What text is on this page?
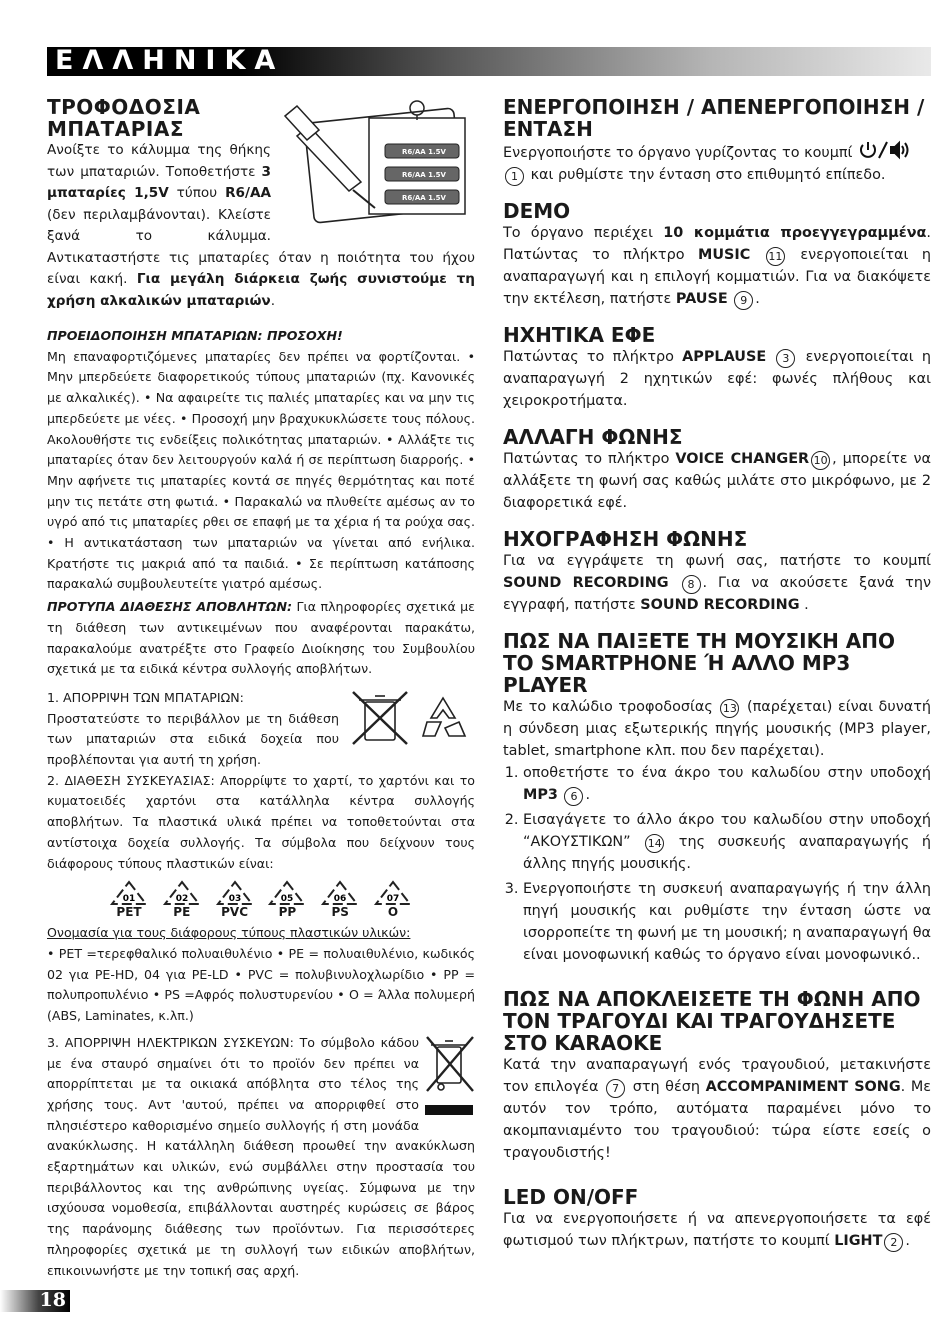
ΕΛΛΗΝΙΚΑ
R6/AA 1.5V
R6/AA 1.5V
R6/AA 1.5V
ΤΡΟΦΟΔΟΣΙΑ ΜΠΑΤΑΡΙΑΣ

Ανοίξτε το κάλυμμα της θήκης των μπαταριών. Τοποθετήστε 3 μπαταρίες 1,5V τύπου R6/AA (δεν περιλαμβάνονται). Κλείστε ξανά το κάλυμμα. Αντικαταστήστε τις μπαταρίες όταν η ποιότητα του ήχου είναι κακή. Για μεγάλη διάρκεια ζωής συνιστούμε τη χρήση αλκαλικών μπαταριών.

ΠΡΟΕΙΔΟΠΟΙΗΣΗ ΜΠΑΤΑΡΙΩΝ: ΠΡΟΣΟΧΗ!

Μη επαναφορτιζόμενες μπαταρίες δεν πρέπει να φορτίζονται. • Μην μπερδεύετε διαφορετικούς τύπους μπαταριών (πχ. Κανονικές με αλκαλικές). • Να αφαιρείτε τις παλιές μπαταρίες και να μην τις μπερδεύετε με νέες. • Προσοχή μην βραχυκυκλώσετε τους πόλους. Ακολουθήστε τις ενδείξεις πολικότητας μπαταριών. • Αλλάξτε τις μπαταρίες όταν δεν λειτουργούν καλά ή σε περίπτωση διαρροής. • Μην αφήνετε τις μπαταρίες κοντά σε πηγές θερμότητας και ποτέ μην τις πετάτε στη φωτιά. • Παρακαλώ να πλυθείτε αμέσως αν το υγρό από τις μπαταρίες ρθει σε επαφή με τα χέρια ή τα ρούχα σας. • Η αντικατάσταση των μπαταριών να γίνεται από ενήλικα. Κρατήστε τις μακριά από τα παιδιά. • Σε περίπτωση κατάποσης παρακαλώ συμβουλευτείτε γιατρό αμέσως.

ΠΡΟΤΥΠΑ ΔΙΑΘΕΣΗΣ ΑΠΟΒΛΗΤΩΝ: Για πληροφορίες σχετικά με τη διάθεση των αντικειμένων που αναφέρονται παρακάτω, παρακαλούμε ανατρέξτε στο Γραφείο Διοίκησης του Συμβουλίου σχετικά με τα ειδικά κέντρα συλλογής αποβλήτων.

1. ΑΠΟΡΡΙΨΗ ΤΩΝ ΜΠΑΤΑΡΙΩΝ:

Προστατεύστε το περιβάλλον με τη διάθεση των μπαταριών στα ειδικά δοχεία που προβλέπονται για αυτή τη χρήση.

2. ΔΙΑΘΕΣΗ ΣΥΣΚΕΥΑΣΙΑΣ: Απορρίψτε το χαρτί, το χαρτόνι και το κυματοειδές χαρτόνι στα κατάλληλα κέντρα συλλογής αποβλήτων. Τα πλαστικά υλικά πρέπει να τοποθετούνται στα αντίστοιχα δοχεία συλλογής. Τα σύμβολα που δείχνουν τους διάφορους τύπους πλαστικών είναι:

01
PET
02
PE
03
PVC
05
PP
06
PS
07
O
Ονομασία για τους διάφορους τύπους πλαστικών υλικών:

• PET =τερεφθαλικό πολυαιθυλένιο • PE = πολυαιθυλένιο, κωδικός 02 για PE-HD, 04 για PE-LD • PVC = πολυβινυλοχλωρίδιο • PP = πολυπροπυλένιο • PS =Αφρός πολυστυρενίου • O = Άλλα πολυμερή (ABS, Laminates, κ.λπ.)

3. ΑΠΟΡΡΙΨΗ ΗΛΕΚΤΡΙΚΩΝ ΣΥΣΚΕΥΩΝ: Το σύμβολο κάδου με ένα σταυρό σημαίνει ότι το προϊόν δεν πρέπει να απορρίπτεται με τα οικιακά απόβλητα στο τέλος της χρήσης τους. Αντ 'αυτού, πρέπει να απορριφθεί στο πλησιέστερο καθορισμένο σημείο συλλογής ή στη μονάδα ανακύκλωσης. Η κατάλληλη διάθεση προωθεί την ανακύκλωση εξαρτημάτων και υλικών, ενώ συμβάλλει στην προστασία του περιβάλλοντος και της ανθρώπινης υγείας. Σύμφωνα με την ισχύουσα νομοθεσία, επιβάλλονται αυστηρές κυρώσεις σε βάρος της παράνομης διάθεσης των προϊόντων. Για περισσότερες πληροφορίες σχετικά με τη συλλογή των ειδικών αποβλήτων, επικοινωνήστε με την τοπική σας αρχή.

ΕΝΕΡΓΟΠΟΙΗΣΗ / ΑΠΕΝΕΡΓΟΠΟΙΗΣΗ / ΕΝΤΑΣΗ

Ενεργοποιήστε το όργανο γυρίζοντας το κουμπί
1 και ρυθμίστε την ένταση στο επιθυμητό επίπεδο.

DEMO

Το όργανο περιέχει 10 κομμάτια προεγγεγραμμένα. Πατώντας το πλήκτρο MUSIC 11 ενεργοποιείται η αναπαραγωγή και η επιλογή κομματιών. Για να διακόψετε την εκτέλεση, πατήστε PAUSE 9 .

ΗΧΗΤΙΚΑ ΕΦΕ

Πατώντας το πλήκτρο APPLAUSE 3 ενεργοποιείται η αναπαραγωγή 2 ηχητικών εφέ: φωνές πλήθους και χειροκροτήματα.

ΑΛΛΑΓΗ ΦΩΝΗΣ

Πατώντας το πλήκτρο VOICE CHANGER 10 , μπορείτε να αλλάξετε τη φωνή σας καθώς μιλάτε στο μικρόφωνο, με 2 διαφορετικά εφέ.

ΗΧΟΓΡΑΦΗΣΗ ΦΩΝΗΣ

Για να εγγράψετε τη φωνή σας, πατήστε το κουμπί SOUND RECORDING 8 . Για να ακούσετε ξανά την εγγραφή, πατήστε SOUND RECORDING .

ΠΩΣ ΝΑ ΠΑΙΞΕΤΕ ΤΗ ΜΟΥΣΙΚΗ ΑΠΟ ΤΟ SMARTPHONE Ή ΑΛΛΟ MP3 PLAYER

Με το καλώδιο τροφοδοσίας 13 (παρέχεται) είναι δυνατή η σύνδεση μιας εξωτερικής πηγής μουσικής (MP3 player, tablet, smartphone κλπ. που δεν παρέχεται).

1. οποθετήστε το ένα άκρο του καλωδίου στην υποδοχή MP3 6 .
2. Εισαγάγετε το άλλο άκρο του καλωδίου στην υποδοχή “ΑΚΟΥΣΤΙΚΩΝ” 14 της συσκευής αναπαραγωγής ή άλλης πηγής μουσικής.
3. Ενεργοποιήστε τη συσκευή αναπαραγωγής ή την άλλη πηγή μουσικής και ρυθμίστε την ένταση ώστε να ισορροπείτε τη φωνή με τη μουσική; η αναπαραγωγή θα είναι μονοφωνική καθώς το όργανο είναι μονοφωνικό..
ΠΩΣ ΝΑ ΑΠΟΚΛΕΙΣΕΤΕ ΤΗ ΦΩΝΗ ΑΠΟ ΤΟΝ ΤΡΑΓΟΥΔΙ ΚΑΙ ΤΡΑΓΟΥΔΗΣΕΤΕ ΣΤΟ KARAOKE

Κατά την αναπαραγωγή ενός τραγουδιού, μετακινήστε τον επιλογέα 7 στη θέση ACCOMPANIMENT SONG. Με αυτόν τον τρόπο, αυτόματα παραμένει μόνο το ακομπανιαμέντο του τραγουδιού: τώρα είστε εσείς ο τραγουδιστής!

LED ON/OFF

Για να ενεργοποιήσετε ή να απενεργοποιήσετε τα εφέ φωτισμού των πλήκτρων, πατήστε το κουμπί LIGHT 2 .

18
